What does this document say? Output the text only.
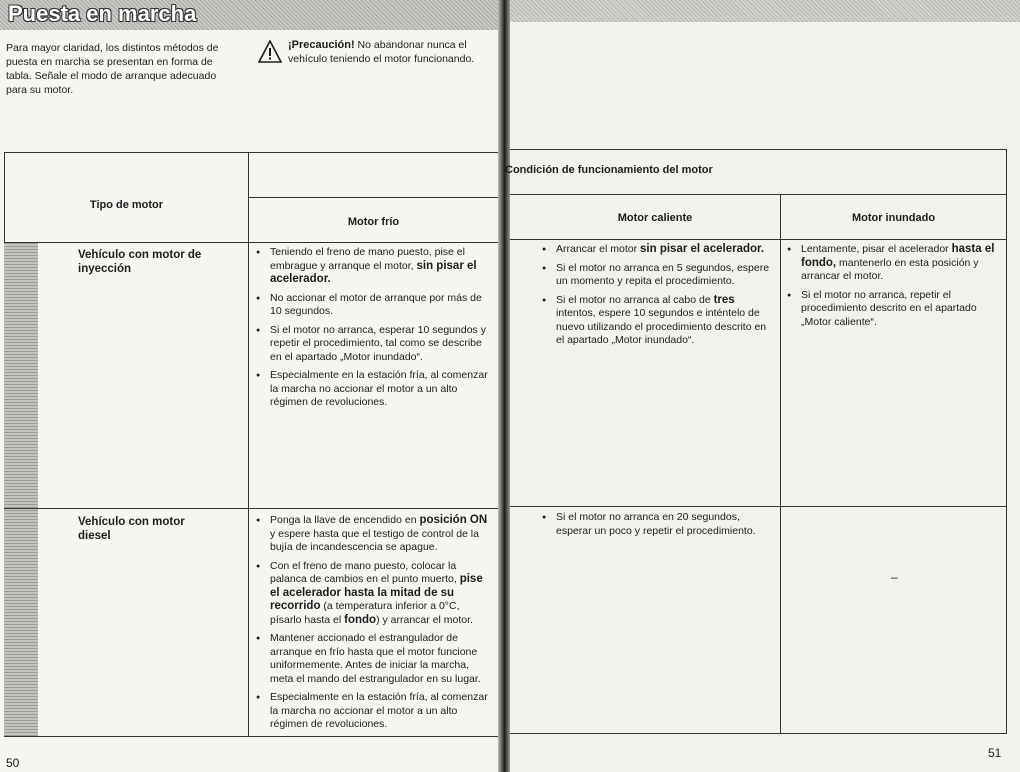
Puesta en marcha
Para mayor claridad, los distintos métodos de puesta en marcha se presentan en forma de tabla. Señale el modo de arranque adecuado para su motor.
¡Precaución! No abandonar nunca el vehículo teniendo el motor funcionando.
Tipo de motor
Condición de funcionamiento del motor
Motor frío	Motor caliente	Motor inundado
Vehículo con motor de inyección
Vehículo con motor diesel
● Teniendo el freno de mano puesto, pise el embrague y arranque el motor, sin pisar el acelerador.
● No accionar el motor de arranque por más de 10 segundos.
● Si el motor no arranca, esperar 10 segundos y repetir el procedimiento, tal como se describe en el apartado „Motor inundado“.
● Especialmente en la estación fría, al comenzar la marcha no accionar el motor a un alto régimen de revoluciones.
● Arrancar el motor sin pisar el acelerador.
● Si el motor no arranca en 5 segundos, espere un momento y repita el procedimiento.
● Si el motor no arranca al cabo de tres intentos, espere 10 segundos e inténtelo de nuevo utilizando el procedimiento descrito en el apartado „Motor inundado“.
● Lentamente, pisar el acelerador hasta el fondo, mantenerlo en esta posición y arrancar el motor.
● Si el motor no arranca, repetir el procedimiento descrito en el apartado „Motor caliente“.
● Ponga la llave de encendido en posición ON y espere hasta que el testigo de control de la bujía de incandescencia se apague.
● Con el freno de mano puesto, colocar la palanca de cambios en el punto muerto, pise el acelerador hasta la mitad de su recorrido (a temperatura inferior a 0°C, písarlo hasta el fondo) y arrancar el motor.
● Mantener accionado el estrangulador de arranque en frío hasta que el motor funcione uniformemente. Antes de iniciar la marcha, meta el mando del estrangulador en su lugar.
● Especialmente en la estación fría, al comenzar la marcha no accionar el motor a un alto régimen de revoluciones.
● Si el motor no arranca en 20 segundos, esperar un poco y repetir el procedimiento.
–
50
51
